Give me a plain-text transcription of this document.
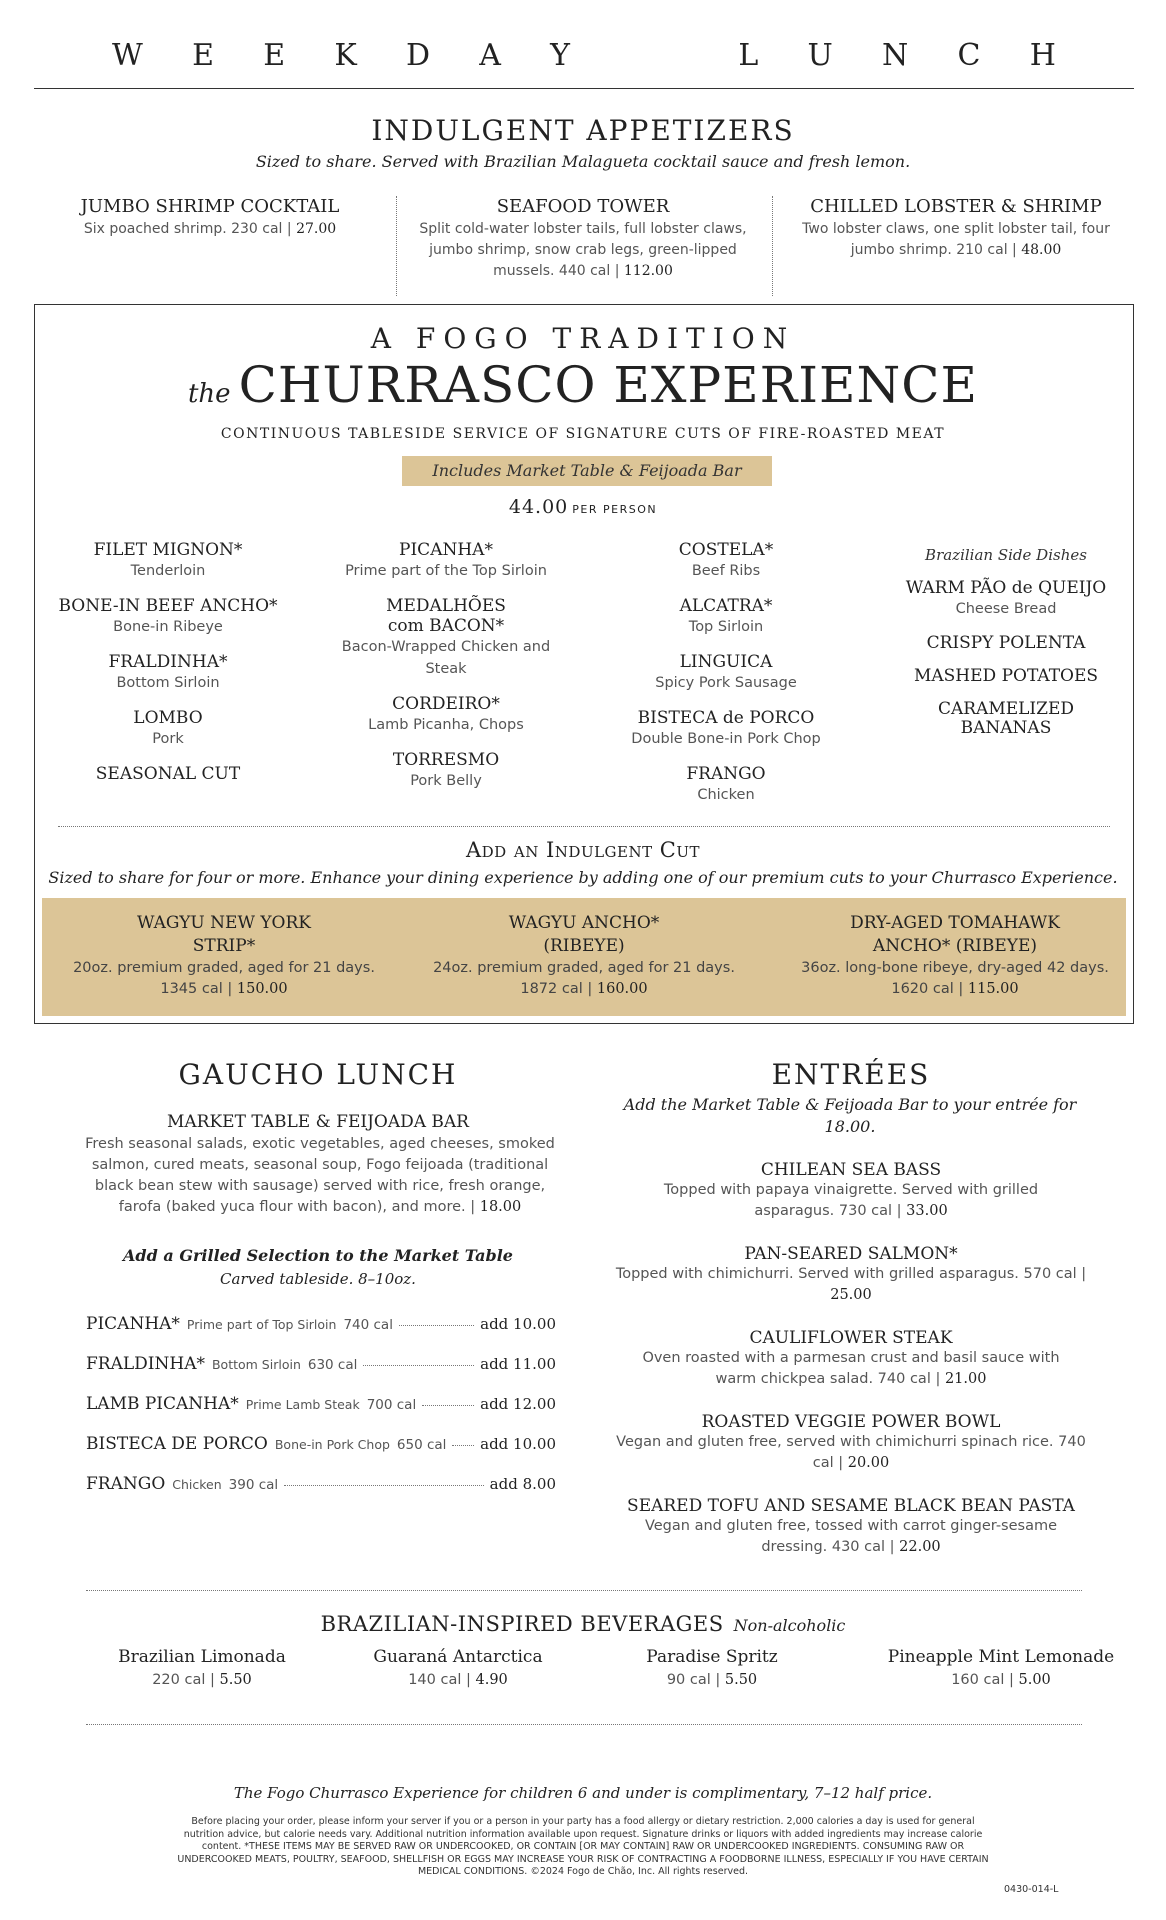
W E E K D A Y	L U N C H
INDULGENT APPETIZERS
Sized to share. Served with Brazilian Malagueta cocktail sauce and fresh lemon.
JUMBO SHRIMP COCKTAIL
Six poached shrimp. 230 cal | 27.00
SEAFOOD TOWER
Split cold-water lobster tails, full lobster claws, jumbo shrimp, snow crab legs, green-lipped mussels. 440 cal | 112.00
CHILLED LOBSTER & SHRIMP
Two lobster claws, one split lobster tail, four jumbo shrimp. 210 cal | 48.00
A FOGO TRADITION
the CHURRASCO EXPERIENCE
CONTINUOUS TABLESIDE SERVICE OF SIGNATURE CUTS OF FIRE-ROASTED MEAT
Includes Market Table & Feijoada Bar
44.00 PER PERSON
FILET MIGNON*
Tenderloin
BONE-IN BEEF ANCHO*
Bone-in Ribeye
FRALDINHA*
Bottom Sirloin
LOMBO
Pork
SEASONAL CUT
PICANHA*
Prime part of the Top Sirloin
MEDALHÕES com BACON*
Bacon-Wrapped Chicken and Steak
CORDEIRO*
Lamb Picanha, Chops
TORRESMO
Pork Belly
COSTELA*
Beef Ribs
ALCATRA*
Top Sirloin
LINGUICA
Spicy Pork Sausage
BISTECA de PORCO
Double Bone-in Pork Chop
FRANGO
Chicken
Brazilian Side Dishes
WARM PÃO de QUEIJO
Cheese Bread
CRISPY POLENTA
MASHED POTATOES
CARAMELIZED BANANAS
Add an Indulgent Cut
Sized to share for four or more. Enhance your dining experience by adding one of our premium cuts to your Churrasco Experience.
WAGYU NEW YORK STRIP*
20oz. premium graded, aged for 21 days.
1345 cal | 150.00
WAGYU ANCHO* (RIBEYE)
24oz. premium graded, aged for 21 days.
1872 cal | 160.00
DRY-AGED TOMAHAWK ANCHO* (RIBEYE)
36oz. long-bone ribeye, dry-aged 42 days.
1620 cal | 115.00
GAUCHO LUNCH
MARKET TABLE & FEIJOADA BAR
Fresh seasonal salads, exotic vegetables, aged cheeses, smoked salmon, cured meats, seasonal soup, Fogo feijoada (traditional black bean stew with sausage) served with rice, fresh orange, farofa (baked yuca flour with bacon), and more. | 18.00
Add a Grilled Selection to the Market Table
Carved tableside. 8–10oz.
PICANHA* Prime part of Top Sirloin 740 cal	add 10.00
FRALDINHA* Bottom Sirloin 630 cal	add 11.00
LAMB PICANHA* Prime Lamb Steak 700 cal	add 12.00
BISTECA DE PORCO Bone-in Pork Chop 650 cal add 10.00
FRANGO Chicken 390 cal	add 8.00
ENTRÉES
Add the Market Table & Feijoada Bar to your entrée for 18.00.
CHILEAN SEA BASS
Topped with papaya vinaigrette. Served with grilled asparagus. 730 cal | 33.00
PAN-SEARED SALMON*
Topped with chimichurri. Served with grilled asparagus. 570 cal | 25.00
CAULIFLOWER STEAK
Oven roasted with a parmesan crust and basil sauce with warm chickpea salad. 740 cal | 21.00
ROASTED VEGGIE POWER BOWL
Vegan and gluten free, served with chimichurri spinach rice. 740 cal | 20.00
SEARED TOFU AND SESAME BLACK BEAN PASTA
Vegan and gluten free, tossed with carrot ginger-sesame dressing. 430 cal | 22.00
BRAZILIAN-INSPIRED BEVERAGES Non-alcoholic
Brazilian Limonada
220 cal | 5.50
Guaraná Antarctica
140 cal | 4.90
Paradise Spritz
90 cal | 5.50
Pineapple Mint Lemonade
160 cal | 5.00
The Fogo Churrasco Experience for children 6 and under is complimentary, 7–12 half price.
Before placing your order, please inform your server if you or a person in your party has a food allergy or dietary restriction. 2,000 calories a day is used for general nutrition advice, but calorie needs vary. Additional nutrition information available upon request. Signature drinks or liquors with added ingredients may increase calorie content. *THESE ITEMS MAY BE SERVED RAW OR UNDERCOOKED, OR CONTAIN [OR MAY CONTAIN] RAW OR UNDERCOOKED INGREDIENTS. CONSUMING RAW OR UNDERCOOKED MEATS, POULTRY, SEAFOOD, SHELLFISH OR EGGS MAY INCREASE YOUR RISK OF CONTRACTING A FOODBORNE ILLNESS, ESPECIALLY IF YOU HAVE CERTAIN MEDICAL CONDITIONS. ©2024 Fogo de Chão, Inc. All rights reserved.
0430-014-L
